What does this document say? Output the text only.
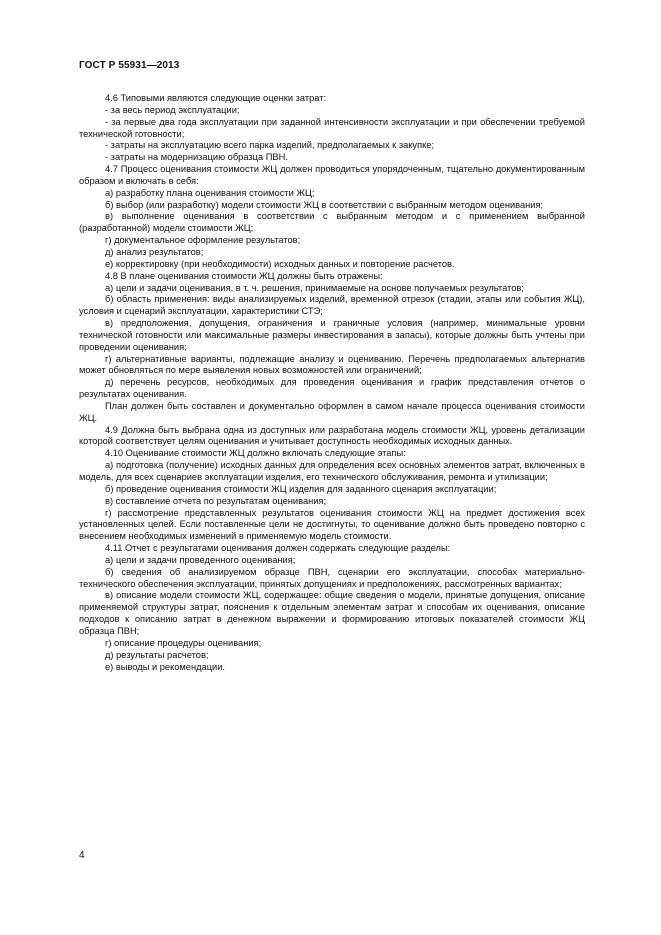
ГОСТ Р 55931—2013

4.6 Типовыми являются следующие оценки затрат:

- за весь период эксплуатации;

- за первые два года эксплуатации при заданной интенсивности эксплуатации и при обеспечении требуемой технической готовности;

- затраты на эксплуатацию всего парка изделий, предполагаемых к закупке;

- затраты на модернизацию образца ПВН.

4.7 Процесс оценивания стоимости ЖЦ должен проводиться упорядоченным, тщательно документированным образом и включать в себя:

а) разработку плана оценивания стоимости ЖЦ;

б) выбор (или разработку) модели стоимости ЖЦ в соответствии с выбранным методом оценивания;

в) выполнение оценивания в соответствии с выбранным методом и с применением выбранной (разработанной) модели стоимости ЖЦ;

г) документальное оформление результатов;

д) анализ результатов;

е) корректировку (при необходимости) исходных данных и повторение расчетов.

4.8 В плане оценивания стоимости ЖЦ должны быть отражены:

а) цели и задачи оценивания, в т. ч. решения, принимаемые на основе получаемых результатов;

б) область применения: виды анализируемых изделий, временной отрезок (стадии, этапы или события ЖЦ), условия и сценарий эксплуатации, характеристики СТЭ;

в) предположения, допущения, ограничения и граничные условия (например, минимальные уровни технической готовности или максимальные размеры инвестирования в запасы), которые должны быть учтены при проведении оценивания;

г) альтернативные варианты, подлежащие анализу и оцениванию. Перечень предполагаемых альтернатив может обновляться по мере выявления новых возможностей или ограничений;

д) перечень ресурсов, необходимых для проведения оценивания и график представления отчетов о результатах оценивания.

План должен быть составлен и документально оформлен в самом начале процесса оценивания стоимости ЖЦ.

4.9 Должна быть выбрана одна из доступных или разработана модель стоимости ЖЦ, уровень детализации которой соответствует целям оценивания и учитывает доступность необходимых исходных данных.

4.10 Оценивание стоимости ЖЦ должно включать следующие этапы:

а) подготовка (получение) исходных данных для определения всех основных элементов затрат, включенных в модель, для всех сценариев эксплуатации изделия, его технического обслуживания, ремонта и утилизации;

б) проведение оценивания стоимости ЖЦ изделия для заданного сценария эксплуатации;

в) составление отчета по результатам оценивания;

г) рассмотрение представленных результатов оценивания стоимости ЖЦ на предмет достижения всех установленных целей. Если поставленные цели не достигнуты, то оценивание должно быть проведено повторно с внесением необходимых изменений в применяемую модель стоимости.

4.11 Отчет с результатами оценивания должен содержать следующие разделы:

а) цели и задачи проведенного оценивания;

б) сведения об анализируемом образце ПВН, сценарии его эксплуатации, способах материально-технического обеспечения эксплуатации, принятых допущениях и предположениях, рассмотренных вариантах;

в) описание модели стоимости ЖЦ, содержащее: общие сведения о модели, принятые допущения, описание применяемой структуры затрат, пояснения к отдельным элементам затрат и способам их оценивания, описание подходов к описанию затрат в денежном выражении и формированию итоговых показателей стоимости ЖЦ образца ПВН;

г) описание процедуры оценивания;

д) результаты расчетов;

е) выводы и рекомендации.

4
